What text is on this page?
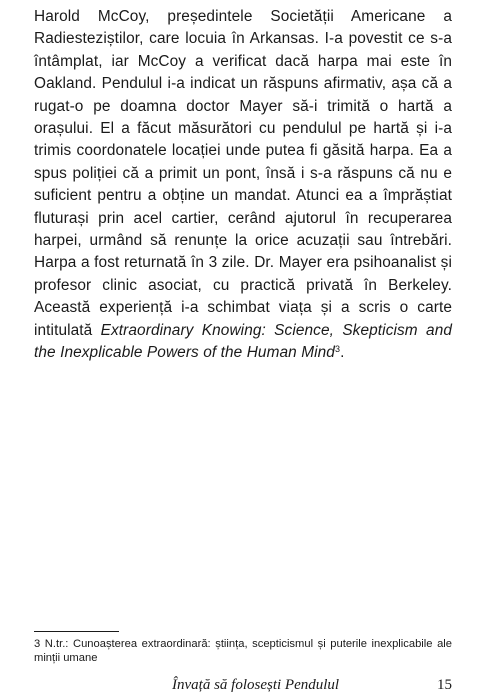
Harold McCoy, președintele Societății Americane a Radiesteziștilor, care locuia în Arkansas. I-a povestit ce s-a întâmplat, iar McCoy a verificat dacă harpa mai este în Oakland. Pendulul i-a indicat un răspuns afirmativ, așa că a rugat-o pe doamna doctor Mayer să-i trimită o hartă a orașului. El a făcut măsurători cu pendulul pe hartă și i-a trimis coordonatele locației unde putea fi găsită harpa. Ea a spus poliției că a primit un pont, însă i s-a răspuns că nu e suficient pentru a obține un mandat. Atunci ea a împrăștiat fluturași prin acel cartier, cerând ajutorul în recuperarea harpei, urmând să renunțe la orice acuzații sau întrebări. Harpa a fost returnată în 3 zile. Dr. Mayer era psihoanalist și profesor clinic asociat, cu practică privată în Berkeley. Această experiență i-a schimbat viața și a scris o carte intitulată Extraordinary Knowing: Science, Skepticism and the Inexplicable Powers of the Human Mind$^3$.

3 N.tr.: Cunoașterea extraordinară: știința, scepticismul și puterile inexplicabile ale minții umane

Învață să folosești Pendulul	15
